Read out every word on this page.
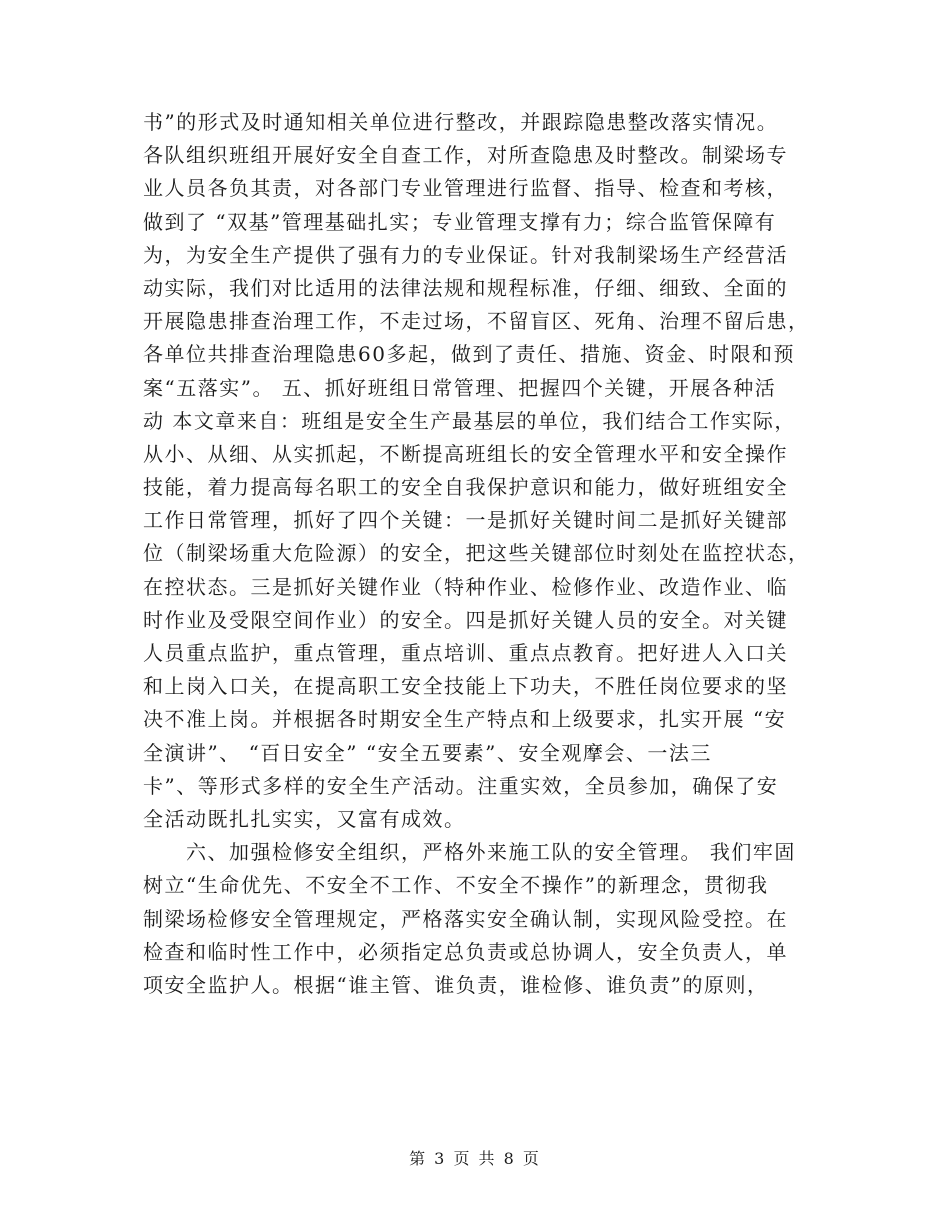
书”的形式及时通知相关单位进行整改，并跟踪隐患整改落实情况。
各队组织班组开展好安全自查工作，对所查隐患及时整改。制梁场专
业人员各负其责，对各部门专业管理进行监督、指导、检查和考核，
做到了 “双基”管理基础扎实；专业管理支撑有力；综合监管保障有
为，为安全生产提供了强有力的专业保证。针对我制梁场生产经营活
动实际，我们对比适用的法律法规和规程标准，仔细、细致、全面的
开展隐患排查治理工作，不走过场，不留盲区、死角、治理不留后患，
各单位共排查治理隐患60多起，做到了责任、措施、资金、时限和预
案“五落实”。 五、抓好班组日常管理、把握四个关键，开展各种活
动 本文章来自：班组是安全生产最基层的单位，我们结合工作实际，
从小、从细、从实抓起，不断提高班组长的安全管理水平和安全操作
技能，着力提高每名职工的安全自我保护意识和能力，做好班组安全
工作日常管理，抓好了四个关键：一是抓好关键时间二是抓好关键部
位（制梁场重大危险源）的安全，把这些关键部位时刻处在监控状态，
在控状态。三是抓好关键作业（特种作业、检修作业、改造作业、临
时作业及受限空间作业）的安全。四是抓好关键人员的安全。对关键
人员重点监护，重点管理，重点培训、重点点教育。把好进人入口关
和上岗入口关，在提高职工安全技能上下功夫，不胜任岗位要求的坚
决不准上岗。并根据各时期安全生产特点和上级要求，扎实开展 “安
全演讲”、 “百日安全” “安全五要素”、安全观摩会、一法三
卡”、等形式多样的安全生产活动。注重实效，全员参加，确保了安
全活动既扎扎实实，又富有成效。
　　六、加强检修安全组织，严格外来施工队的安全管理。 我们牢固
树立“生命优先、不安全不工作、不安全不操作”的新理念，贯彻我
制梁场检修安全管理规定，严格落实安全确认制，实现风险受控。在
检查和临时性工作中，必须指定总负责或总协调人，安全负责人，单
项安全监护人。根据“谁主管、谁负责，谁检修、谁负责”的原则，
第 3 页 共 8 页
